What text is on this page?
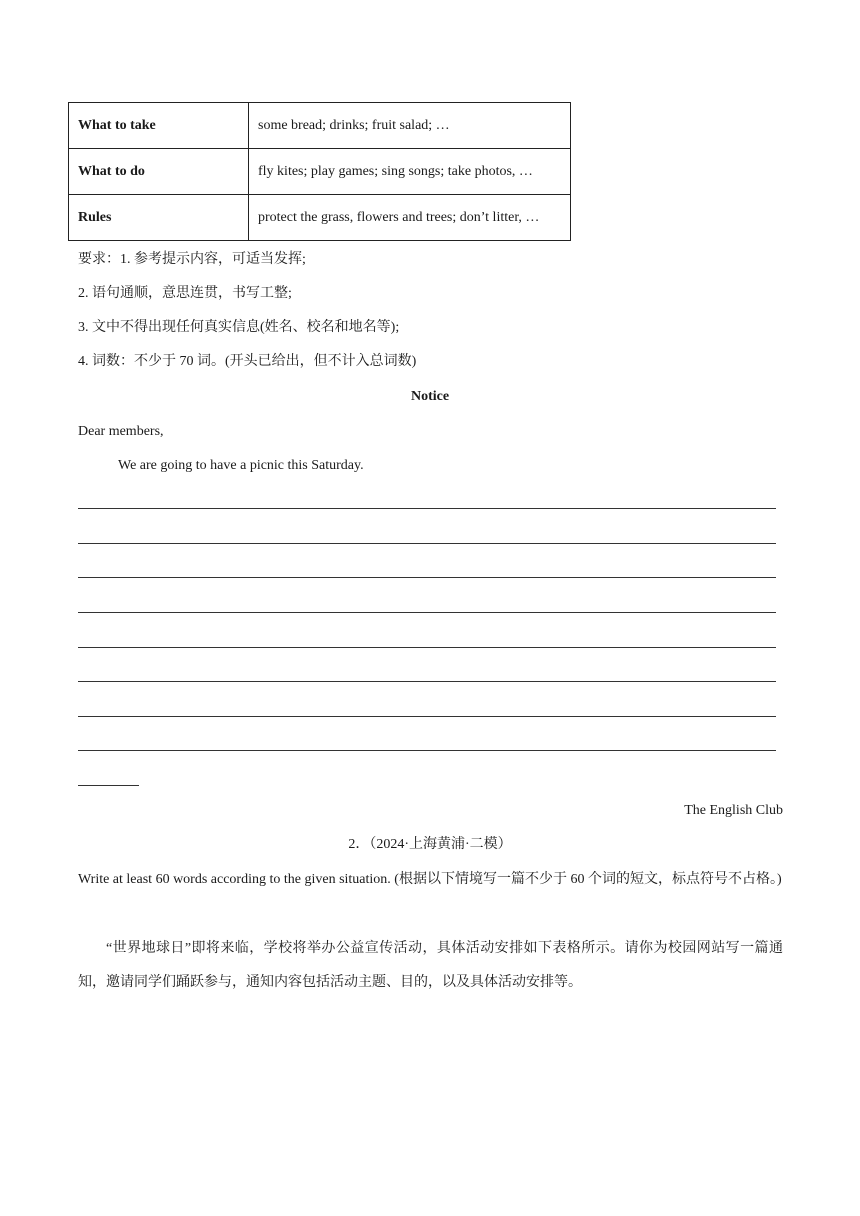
What to take	some bread; drinks; fruit salad; …
What to do	fly kites; play games; sing songs; take photos, …
Rules	protect the grass, flowers and trees; don’t litter, …
要求：1. 参考提示内容，可适当发挥;
2. 语句通顺，意思连贯，书写工整;
3. 文中不得出现任何真实信息(姓名、校名和地名等);
4. 词数：不少于 70 词。(开头已给出，但不计入总词数)
Notice
Dear members,
We are going to have a picnic this Saturday.
The English Club
2．（2024·上海黄浦·二模）
Write at least 60 words according to the given situation. (根据以下情境写一篇不少于 60 个词的短文，标点符号不占格。)
“世界地球日”即将来临，学校将举办公益宣传活动，具体活动安排如下表格所示。请你为校园网站写一篇通知，邀请同学们踊跃参与，通知内容包括活动主题、目的，以及具体活动安排等。
